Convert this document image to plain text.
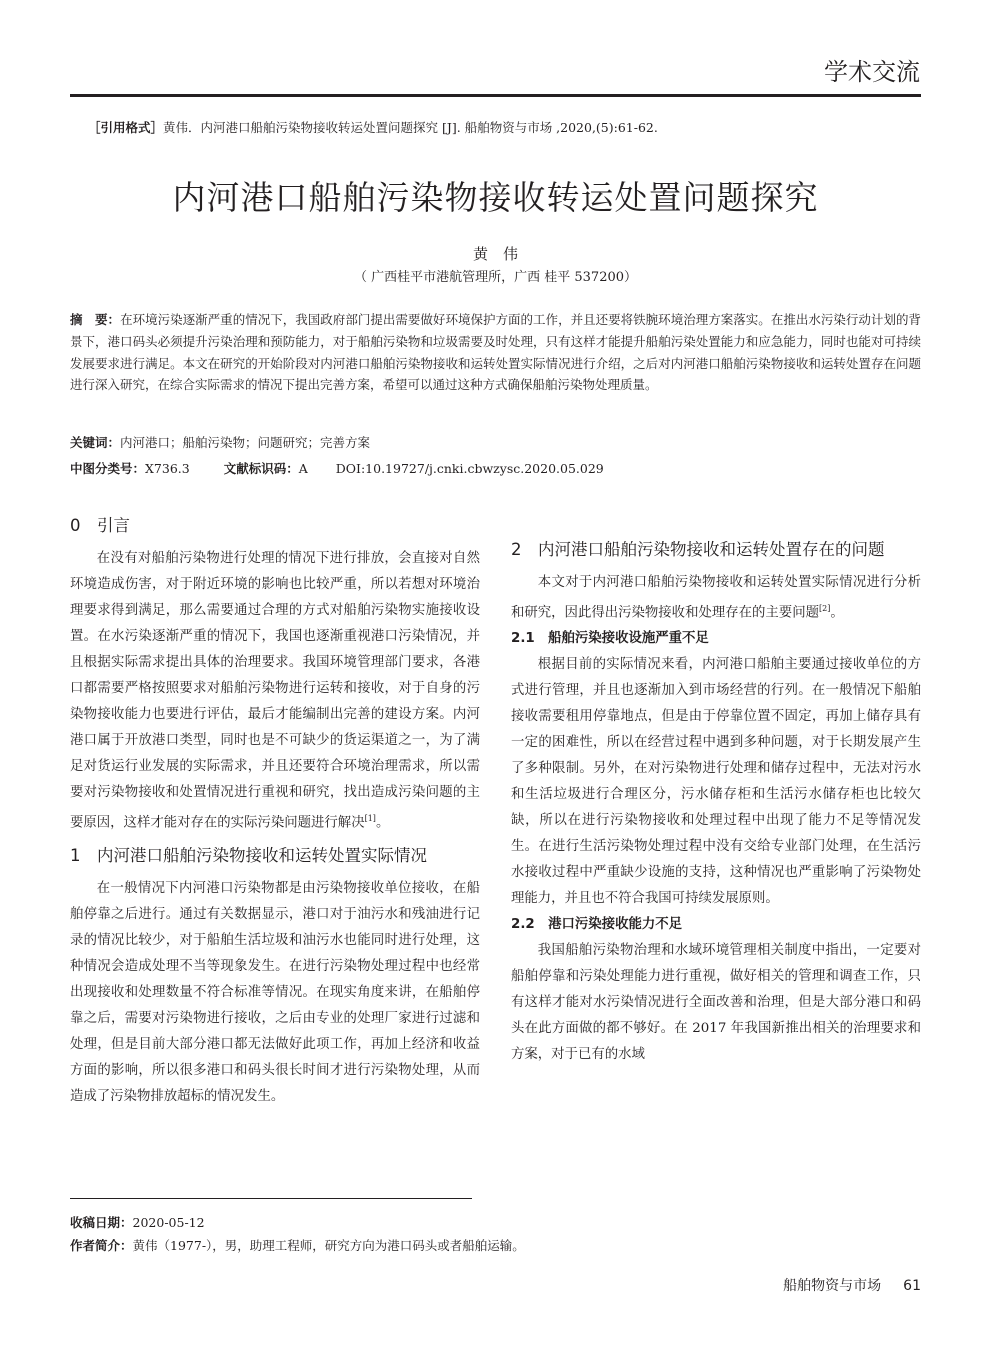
学术交流
［引用格式］黄伟．内河港口船舶污染物接收转运处置问题探究 [J]. 船舶物资与市场 ,2020,(5):61-62.
内河港口船舶污染物接收转运处置问题探究
黄　伟
（ 广西桂平市港航管理所，广西 桂平 537200）
摘　要：在环境污染逐渐严重的情况下，我国政府部门提出需要做好环境保护方面的工作，并且还要将铁腕环境治理方案落实。在推出水污染行动计划的背景下，港口码头必须提升污染治理和预防能力，对于船舶污染物和垃圾需要及时处理，只有这样才能提升船舶污染处置能力和应急能力，同时也能对可持续发展要求进行满足。本文在研究的开始阶段对内河港口船舶污染物接收和运转处置实际情况进行介绍，之后对内河港口船舶污染物接收和运转处置存在问题进行深入研究，在综合实际需求的情况下提出完善方案，希望可以通过这种方式确保船舶污染物处理质量。
关键词：内河港口；船舶污染物；问题研究；完善方案
中图分类号：X736.3	文献标识码：A DOI:10.19727/j.cnki.cbwzysc.2020.05.029
0　引言

在没有对船舶污染物进行处理的情况下进行排放，会直接对自然环境造成伤害，对于附近环境的影响也比较严重，所以若想对环境治理要求得到满足，那么需要通过合理的方式对船舶污染物实施接收设置。在水污染逐渐严重的情况下，我国也逐渐重视港口污染情况，并且根据实际需求提出具体的治理要求。我国环境管理部门要求，各港口都需要严格按照要求对船舶污染物进行运转和接收，对于自身的污染物接收能力也要进行评估，最后才能编制出完善的建设方案。内河港口属于开放港口类型，同时也是不可缺少的货运渠道之一，为了满足对货运行业发展的实际需求，并且还要符合环境治理需求，所以需要对污染物接收和处置情况进行重视和研究，找出造成污染问题的主要原因，这样才能对存在的实际污染问题进行解决[1]。

1　内河港口船舶污染物接收和运转处置实际情况

在一般情况下内河港口污染物都是由污染物接收单位接收，在船舶停靠之后进行。通过有关数据显示，港口对于油污水和残油进行记录的情况比较少，对于船舶生活垃圾和油污水也能同时进行处理，这种情况会造成处理不当等现象发生。在进行污染物处理过程中也经常出现接收和处理数量不符合标准等情况。在现实角度来讲，在船舶停靠之后，需要对污染物进行接收，之后由专业的处理厂家进行过滤和处理，但是目前大部分港口都无法做好此项工作，再加上经济和收益方面的影响，所以很多港口和码头很长时间才进行污染物处理，从而造成了污染物排放超标的情况发生。

2　内河港口船舶污染物接收和运转处置存在的问题

本文对于内河港口船舶污染物接收和运转处置实际情况进行分析和研究，因此得出污染物接收和处理存在的主要问题[2]。

2.1　船舶污染接收设施严重不足

根据目前的实际情况来看，内河港口船舶主要通过接收单位的方式进行管理，并且也逐渐加入到市场经营的行列。在一般情况下船舶接收需要租用停靠地点，但是由于停靠位置不固定，再加上储存具有一定的困难性，所以在经营过程中遇到多种问题，对于长期发展产生了多种限制。另外，在对污染物进行处理和储存过程中，无法对污水和生活垃圾进行合理区分，污水储存柜和生活污水储存柜也比较欠缺，所以在进行污染物接收和处理过程中出现了能力不足等情况发生。在进行生活污染物处理过程中没有交给专业部门处理，在生活污水接收过程中严重缺少设施的支持，这种情况也严重影响了污染物处理能力，并且也不符合我国可持续发展原则。

2.2　港口污染接收能力不足

我国船舶污染物治理和水域环境管理相关制度中指出，一定要对船舶停靠和污染处理能力进行重视，做好相关的管理和调查工作，只有这样才能对水污染情况进行全面改善和治理，但是大部分港口和码头在此方面做的都不够好。在 2017 年我国新推出相关的治理要求和方案，对于已有的水域

收稿日期：2020-05-12
作者简介：黄伟（1977-），男，助理工程师，研究方向为港口码头或者船舶运输。
船舶物资与市场 61
